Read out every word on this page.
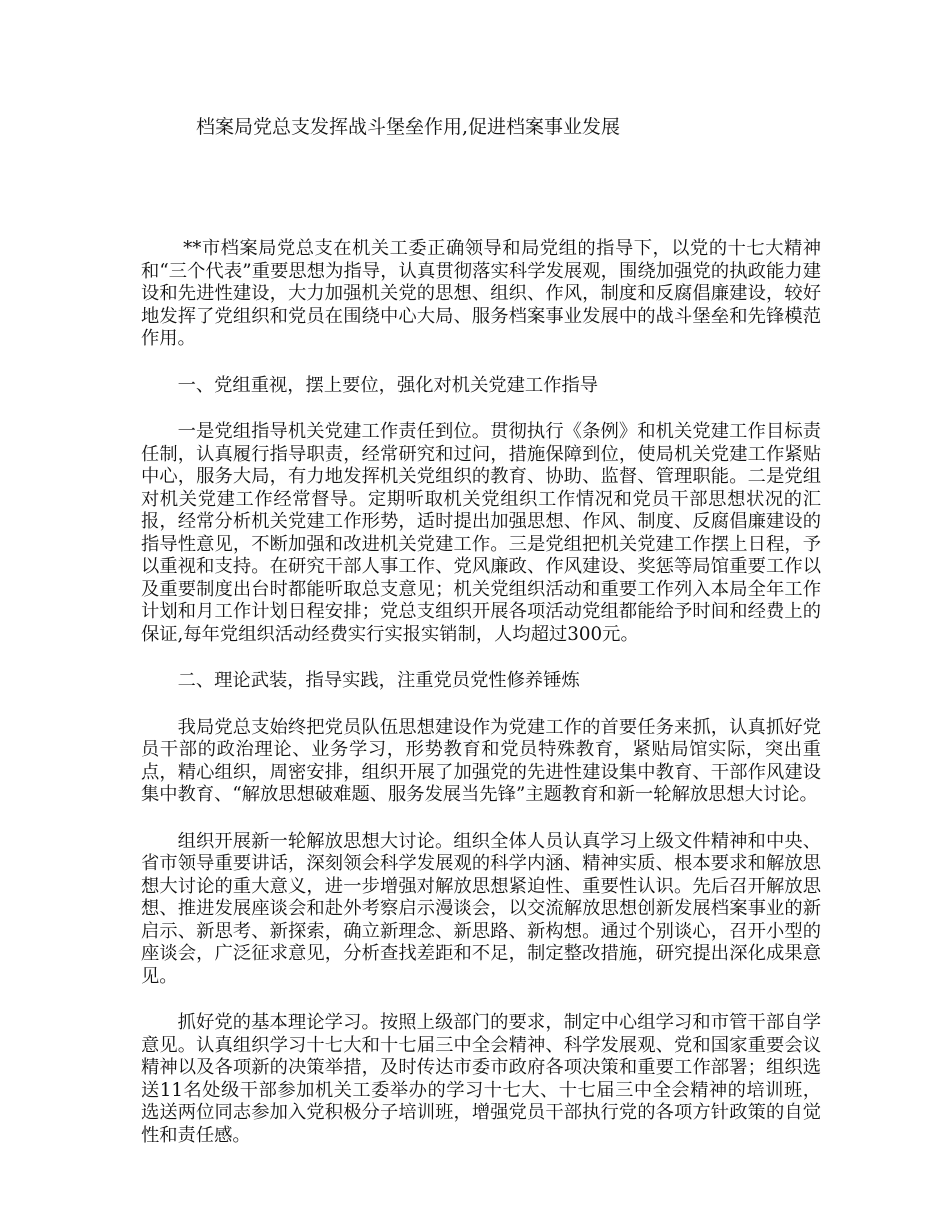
档案局党总支发挥战斗堡垒作用,促进档案事业发展

**市档案局党总支在机关工委正确领导和局党组的指导下，以党的十七大精神和“三个代表”重要思想为指导，认真贯彻落实科学发展观，围绕加强党的执政能力建设和先进性建设，大力加强机关党的思想、组织、作风，制度和反腐倡廉建设，较好地发挥了党组织和党员在围绕中心大局、服务档案事业发展中的战斗堡垒和先锋模范作用。

一、党组重视，摆上要位，强化对机关党建工作指导

一是党组指导机关党建工作责任到位。贯彻执行《条例》和机关党建工作目标责任制，认真履行指导职责，经常研究和过问，措施保障到位，使局机关党建工作紧贴中心，服务大局，有力地发挥机关党组织的教育、协助、监督、管理职能。二是党组对机关党建工作经常督导。定期听取机关党组织工作情况和党员干部思想状况的汇报，经常分析机关党建工作形势，适时提出加强思想、作风、制度、反腐倡廉建设的指导性意见，不断加强和改进机关党建工作。三是党组把机关党建工作摆上日程，予以重视和支持。在研究干部人事工作、党风廉政、作风建设、奖惩等局馆重要工作以及重要制度出台时都能听取总支意见；机关党组织活动和重要工作列入本局全年工作计划和月工作计划日程安排；党总支组织开展各项活动党组都能给予时间和经费上的保证,每年党组织活动经费实行实报实销制，人均超过300元。

二、理论武装，指导实践，注重党员党性修养锤炼

我局党总支始终把党员队伍思想建设作为党建工作的首要任务来抓，认真抓好党员干部的政治理论、业务学习，形势教育和党员特殊教育，紧贴局馆实际，突出重点，精心组织，周密安排，组织开展了加强党的先进性建设集中教育、干部作风建设集中教育、“解放思想破难题、服务发展当先锋”主题教育和新一轮解放思想大讨论。

组织开展新一轮解放思想大讨论。组织全体人员认真学习上级文件精神和中央、省市领导重要讲话，深刻领会科学发展观的科学内涵、精神实质、根本要求和解放思想大讨论的重大意义，进一步增强对解放思想紧迫性、重要性认识。先后召开解放思想、推进发展座谈会和赴外考察启示漫谈会，以交流解放思想创新发展档案事业的新启示、新思考、新探索，确立新理念、新思路、新构想。通过个别谈心，召开小型的座谈会，广泛征求意见，分析查找差距和不足，制定整改措施，研究提出深化成果意见。

抓好党的基本理论学习。按照上级部门的要求，制定中心组学习和市管干部自学意见。认真组织学习十七大和十七届三中全会精神、科学发展观、党和国家重要会议精神以及各项新的决策举措，及时传达市委市政府各项决策和重要工作部署；组织选送11名处级干部参加机关工委举办的学习十七大、十七届三中全会精神的培训班，选送两位同志参加入党积极分子培训班，增强党员干部执行党的各项方针政策的自觉性和责任感。
